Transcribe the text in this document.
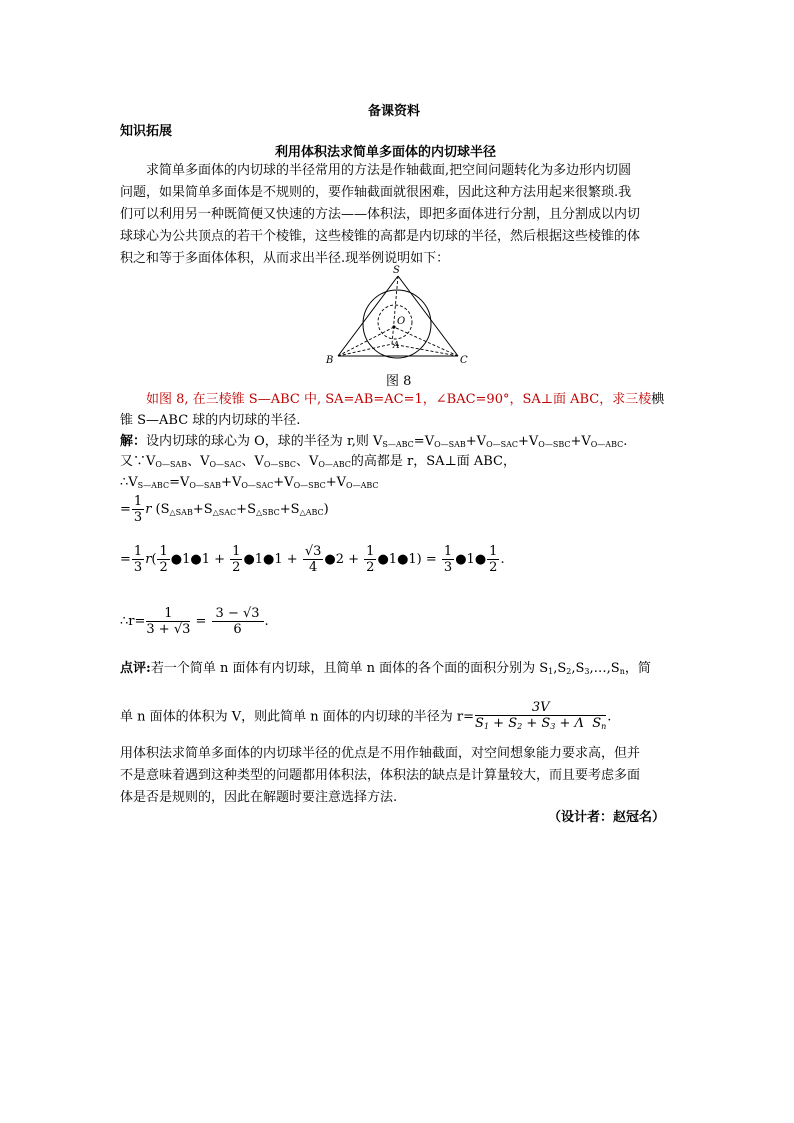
备课资料
知识拓展
利用体积法求简单多面体的内切球半径
求简单多面体的内切球的半径常用的方法是作轴截面,把空间问题转化为多边形内切圆
问题，如果简单多面体是不规则的，要作轴截面就很困难，因此这种方法用起来很繁琐.我
们可以利用另一种既简便又快速的方法——体积法，即把多面体进行分割，且分割成以内切
球球心为公共顶点的若干个棱锥，这些棱锥的高都是内切球的半径，然后根据这些棱锥的体
积之和等于多面体体积，从而求出半径.现举例说明如下：
S
O
A
B	C
图 8
如图 8, 在三棱锥 S—ABC 中, SA=AB=AC=1，∠BAC=90°，SA⊥面 ABC，求三棱椣
锥 S—ABC 球的内切球的半径.
解：设内切球的球心为 O，球的半径为 r,则 $V_{S—ABC}=V_{O—SAB}+V_{O—SAC}+V_{O—SBC}+V_{O—ABC}$.
又$\because V_{O—SAB}$、$V_{O—SAC}$、$V_{O—SBC}$、$V_{O—ABC}$的高都是 r，SA⊥面 ABC，
$\therefore V_{S—ABC}=V_{O—SAB}+V_{O—SAC}+V_{O—SBC}+V_{O—ABC}$
= $\frac{1}{3}$ r $(S_{\triangle SAB}+S_{\triangle SAC}+S_{\triangle SBC}+S_{\triangle ABC})$
= $\frac{1}{3} r( \frac{1}{2}$ ●1●1 + $\frac{1}{2}$ ●1●1 + $\frac{√3}{4}$ ●2 + $\frac{1}{2}$ ●1●1) = $\frac{1}{3}$ ●1● $\frac{1}{2}$ .
∴r= $\frac{1}{3 + √3} = \frac{3 - √3}{6}$ .
点评:若一个简单 n 面体有内切球，且简单 n 面体的各个面的面积分别为 $S_1,S_2,S_3,\dots,S_n$，简
单 n 面体的体积为 V，则此简单 n 面体的内切球的半径为 $r= \frac{3V}{S_1 + S_2 + S_3 + \Lambda S_n}$ .
用体积法求简单多面体的内切球半径的优点是不用作轴截面，对空间想象能力要求高，但并
不是意味着遇到这种类型的问题都用体积法，体积法的缺点是计算量较大，而且要考虑多面
体是否是规则的，因此在解题时要注意选择方法.
（设计者：赵冠名）
